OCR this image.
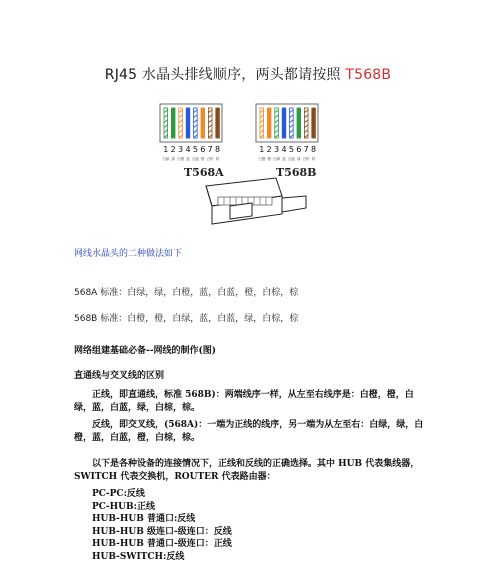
RJ45 水晶头排线顺序，两头都请按照 T568B
1
白绿
2
绿
3
白橙
4
蓝
5
白蓝
6
橙
7
白棕
8
棕
1
白橙
2
橙
3
白绿
4
蓝
5
白蓝
6
绿
7
白棕
8
棕
T568A	T568B
网线水晶头的二种做法如下
568A 标准：白绿，绿，白橙，蓝，白蓝，橙，白棕，棕
568B 标准：白橙，橙，白绿，蓝，白蓝，绿，白棕，棕
网络组建基础必备--网线的制作(图)
直通线与交叉线的区别
正线，即直通线，标准 568B)：两端线序一样，从左至右线序是：白橙，橙，白绿，蓝，白蓝，绿，白棕，棕。
反线，即交叉线，(568A)：一端为正线的线序，另一端为从左至右：白绿，绿，白橙，蓝，白蓝，橙，白棕，棕。
以下是各种设备的连接情况下，正线和反线的正确选择。其中 HUB 代表集线器，SWITCH 代表交换机，ROUTER 代表路由器：
PC-PC:反线
PC-HUB:正线
HUB-HUB 普通口:反线
HUB-HUB 级连口-级连口：反线
HUB-HUB 普通口-级连口：正线
HUB-SWITCH:反线
